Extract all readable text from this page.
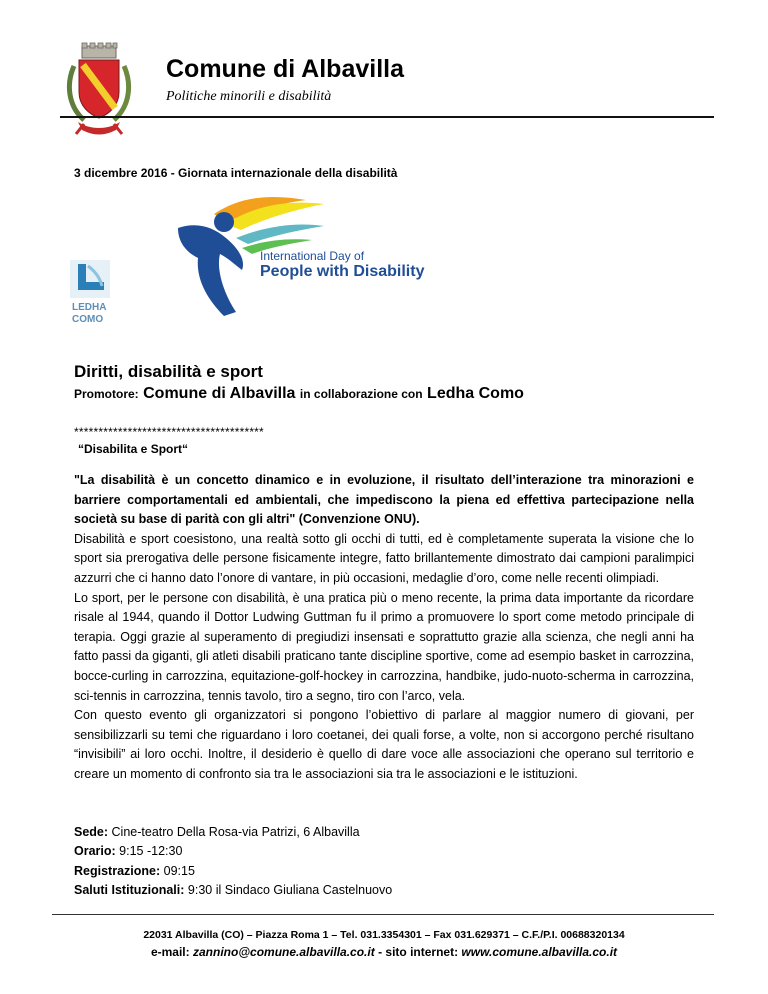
Comune di Albavilla
Politiche minorili e disabilità
3 dicembre 2016 - Giornata internazionale della disabilità
LEDHA
COMO
International Day of
People with Disability
Diritti, disabilità e sport
Promotore: Comune di Albavilla in collaborazione con Ledha Como
***************************************
“Disabilita e Sport“

"La disabilità è un concetto dinamico e in evoluzione, il risultato dell’interazione tra minorazioni e barriere comportamentali ed ambientali, che impediscono la piena ed effettiva partecipazione nella società su base di parità con gli altri" (Convenzione ONU).

Disabilità e sport coesistono, una realtà sotto gli occhi di tutti, ed è completamente superata la visione che lo sport sia prerogativa delle persone fisicamente integre, fatto brillantemente dimostrato dai campioni paralimpici azzurri che ci hanno dato l’onore di vantare, in più occasioni, medaglie d’oro, come nelle recenti olimpiadi.

Lo sport, per le persone con disabilità, è una pratica più o meno recente, la prima data importante da ricordare risale al 1944, quando il Dottor Ludwing Guttman fu il primo a promuovere lo sport come metodo principale di terapia. Oggi grazie al superamento di pregiudizi insensati e soprattutto grazie alla scienza, che negli anni ha fatto passi da giganti, gli atleti disabili praticano tante discipline sportive, come ad esempio basket in carrozzina, bocce-curling in carrozzina, equitazione-golf-hockey in carrozzina, handbike, judo-nuoto-scherma in carrozzina, sci-tennis in carrozzina, tennis tavolo, tiro a segno, tiro con l’arco, vela.

Con questo evento gli organizzatori si pongono l’obiettivo di parlare al maggior numero di giovani, per sensibilizzarli su temi che riguardano i loro coetanei, dei quali forse, a volte, non si accorgono perché risultano “invisibili” ai loro occhi. Inoltre, il desiderio è quello di dare voce alle associazioni che operano sul territorio e creare un momento di confronto sia tra le associazioni sia tra le associazioni e le istituzioni.

Sede: Cine-teatro Della Rosa-via Patrizi, 6 Albavilla
Orario: 9:15 -12:30
Registrazione: 09:15
Saluti Istituzionali: 9:30 il Sindaco Giuliana Castelnuovo
22031 Albavilla (CO) – Piazza Roma 1 – Tel. 031.3354301 – Fax 031.629371 – C.F./P.I. 00688320134
e-mail: zannino@comune.albavilla.co.it - sito internet: www.comune.albavilla.co.it
